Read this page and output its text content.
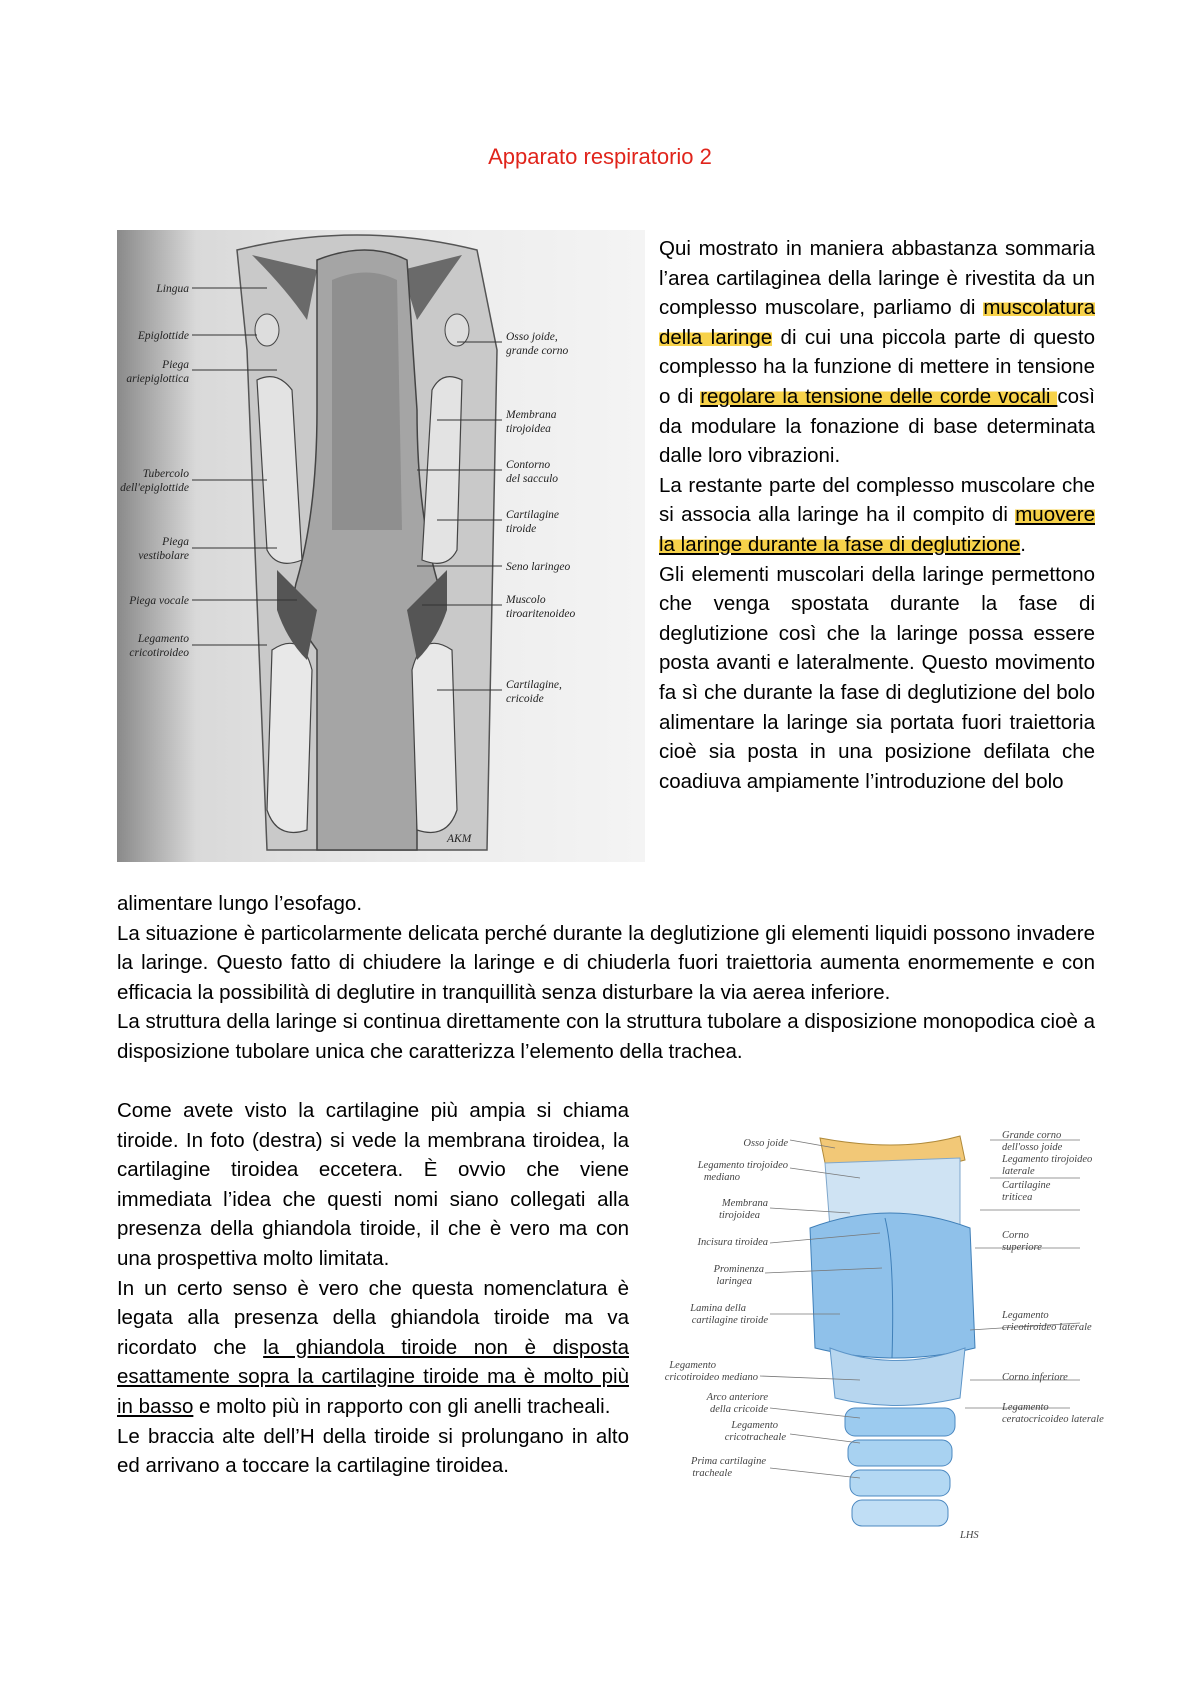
Apparato respiratorio 2
Lingua
Epiglottide
Piega
ariepiglottica
Tubercolo
dell'epiglottide
Piega
vestibolare
Piega vocale
Legamento
cricotiroideo
Osso joide,
grande corno
Membrana
tirojoidea
Contorno
del sacculo
Cartilagine
tiroide
Seno laringeo
Muscolo
tiroaritenoideo
Cartilagine,
cricoide
AKM

Qui mostrato in maniera abbastanza sommaria l’area cartilaginea della laringe è rivestita da un complesso muscolare, parliamo di muscolatura della laringe di cui una piccola parte di questo complesso ha la funzione di mettere in tensione o di regolare la tensione delle corde vocali così da modulare la fonazione di base determinata dalle loro vibrazioni.

La restante parte del complesso muscolare che si associa alla laringe ha il compito di muovere la laringe durante la fase di deglutizione.

Gli elementi muscolari della laringe permettono che venga spostata durante la fase di deglutizione così che la laringe possa essere posta avanti e lateralmente. Questo movimento fa sì che durante la fase di deglutizione del bolo alimentare la laringe sia portata fuori traiettoria cioè sia posta in una posizione defilata che coadiuva ampiamente l’introduzione del bolo

alimentare lungo l’esofago.

La situazione è particolarmente delicata perché durante la deglutizione gli elementi liquidi possono invadere la laringe. Questo fatto di chiudere la laringe e di chiuderla fuori traiettoria aumenta enormemente e con efficacia la possibilità di deglutire in tranquillità senza disturbare la via aerea inferiore.

La struttura della laringe si continua direttamente con la struttura tubolare a disposizione monopodica cioè a disposizione tubolare unica che caratterizza l’elemento della trachea.

Come avete visto la cartilagine più ampia si chiama tiroide. In foto (destra) si vede la membrana tiroidea, la cartilagine tiroidea eccetera. È ovvio che viene immediata l’idea che questi nomi siano collegati alla presenza della ghiandola tiroide, il che è vero ma con una prospettiva molto limitata.

In un certo senso è vero che questa nomenclatura è legata alla presenza della ghiandola tiroide ma va ricordato che la ghiandola tiroide non è disposta esattamente sopra la cartilagine tiroide ma è molto più in basso e molto più in rapporto con gli anelli tracheali.

Le braccia alte dell’H della tiroide si prolungano in alto ed arrivano a toccare la cartilagine tiroidea.

Osso joide
Legamento tirojoideo
mediano
Membrana
tirojoidea
Incisura tiroidea
Prominenza
laringea
Lamina della
cartilagine tiroide
Legamento
cricotiroideo mediano
Arco anteriore
della cricoide
Legamento
cricotracheale
Prima cartilagine
tracheale
Grande corno
dell'osso joide
Legamento tirojoideo
laterale
Cartilagine
triticea
Corno
superiore
Legamento
cricotiroideo laterale
Corno inferiore
Legamento
ceratocricoideo laterale
LHS
